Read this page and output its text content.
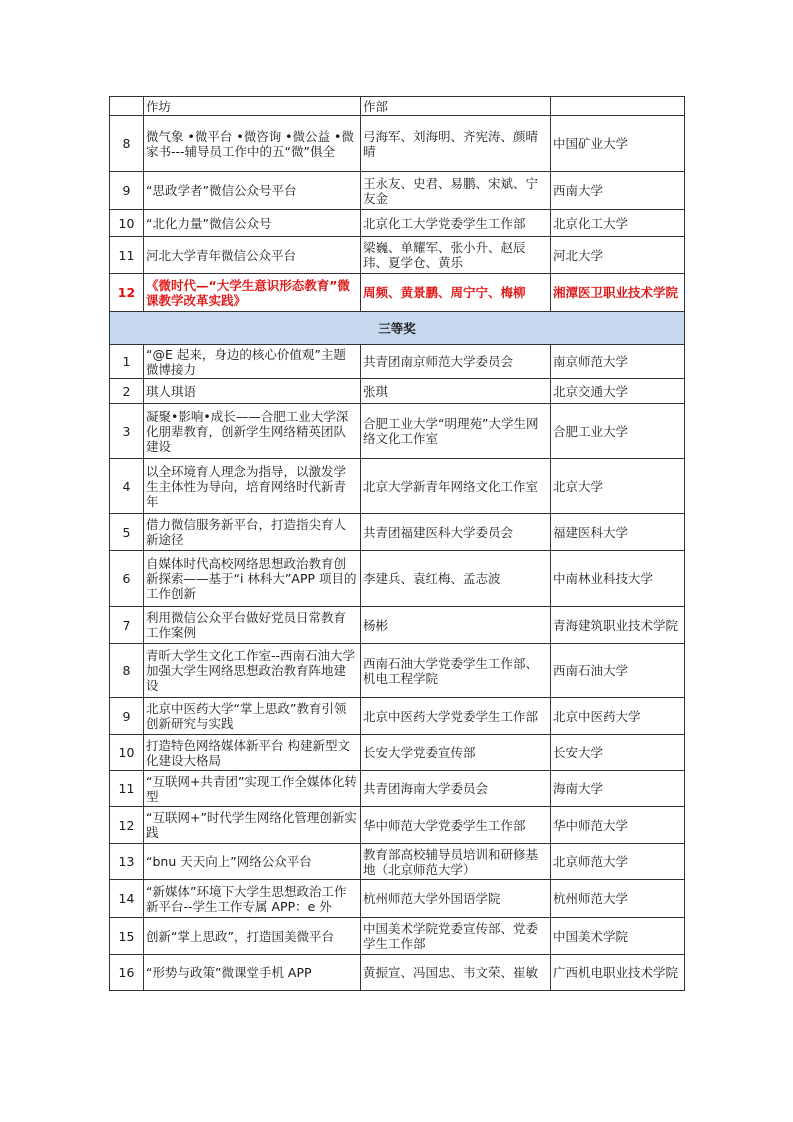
	作坊	作部	
8	微气象 •微平台 •微咨询 •微公益 •微家书---辅导员工作中的五“微”俱全	弓海军、刘海明、齐宪涛、颜晴晴	中国矿业大学
9	“思政学者”微信公众号平台	王永友、史君、易鹏、宋斌、宁友金	西南大学
10	“北化力量”微信公众号	北京化工大学党委学生工作部	北京化工大学
11	河北大学青年微信公众平台	梁巍、单耀军、张小升、赵辰玮、夏学仓、黄乐	河北大学
12	《微时代—“大学生意识形态教育”微课教学改革实践》	周频、黄景鹏、周宁宁、梅柳	湘潭医卫职业技术学院
三等奖			
1	“@E 起来，身边的核心价值观”主题微博接力	共青团南京师范大学委员会	南京师范大学
2	琪人琪语	张琪	北京交通大学
3	凝聚•影响•成长——合肥工业大学深化朋辈教育，创新学生网络精英团队建设	合肥工业大学“明理苑”大学生网络文化工作室	合肥工业大学
4	以全环境育人理念为指导，以激发学生主体性为导向，培育网络时代新青年	北京大学新青年网络文化工作室	北京大学
5	借力微信服务新平台，打造指尖育人新途径	共青团福建医科大学委员会	福建医科大学
6	自媒体时代高校网络思想政治教育创新探索——基于“i 林科大”APP 项目的工作创新	李建兵、袁红梅、孟志波	中南林业科技大学
7	利用微信公众平台做好党员日常教育工作案例	杨彬	青海建筑职业技术学院
8	青昕大学生文化工作室--西南石油大学加强大学生网络思想政治教育阵地建设	西南石油大学党委学生工作部、机电工程学院	西南石油大学
9	北京中医药大学“掌上思政”教育引领创新研究与实践	北京中医药大学党委学生工作部	北京中医药大学
10	打造特色网络媒体新平台 构建新型文化建设大格局	长安大学党委宣传部	长安大学
11	“互联网+共青团”实现工作全媒体化转型	共青团海南大学委员会	海南大学
12	“互联网+”时代学生网络化管理创新实践	华中师范大学党委学生工作部	华中师范大学
13	“bnu 天天向上”网络公众平台	教育部高校辅导员培训和研修基地（北京师范大学）	北京师范大学
14	“新媒体”环境下大学生思想政治工作新平台--学生工作专属 APP：e 外	杭州师范大学外国语学院	杭州师范大学
15	创新“掌上思政”，打造国美微平台	中国美术学院党委宣传部、党委学生工作部	中国美术学院
16	“形势与政策”微课堂手机 APP	黄振宣、冯国忠、韦文荣、崔敏	广西机电职业技术学院
